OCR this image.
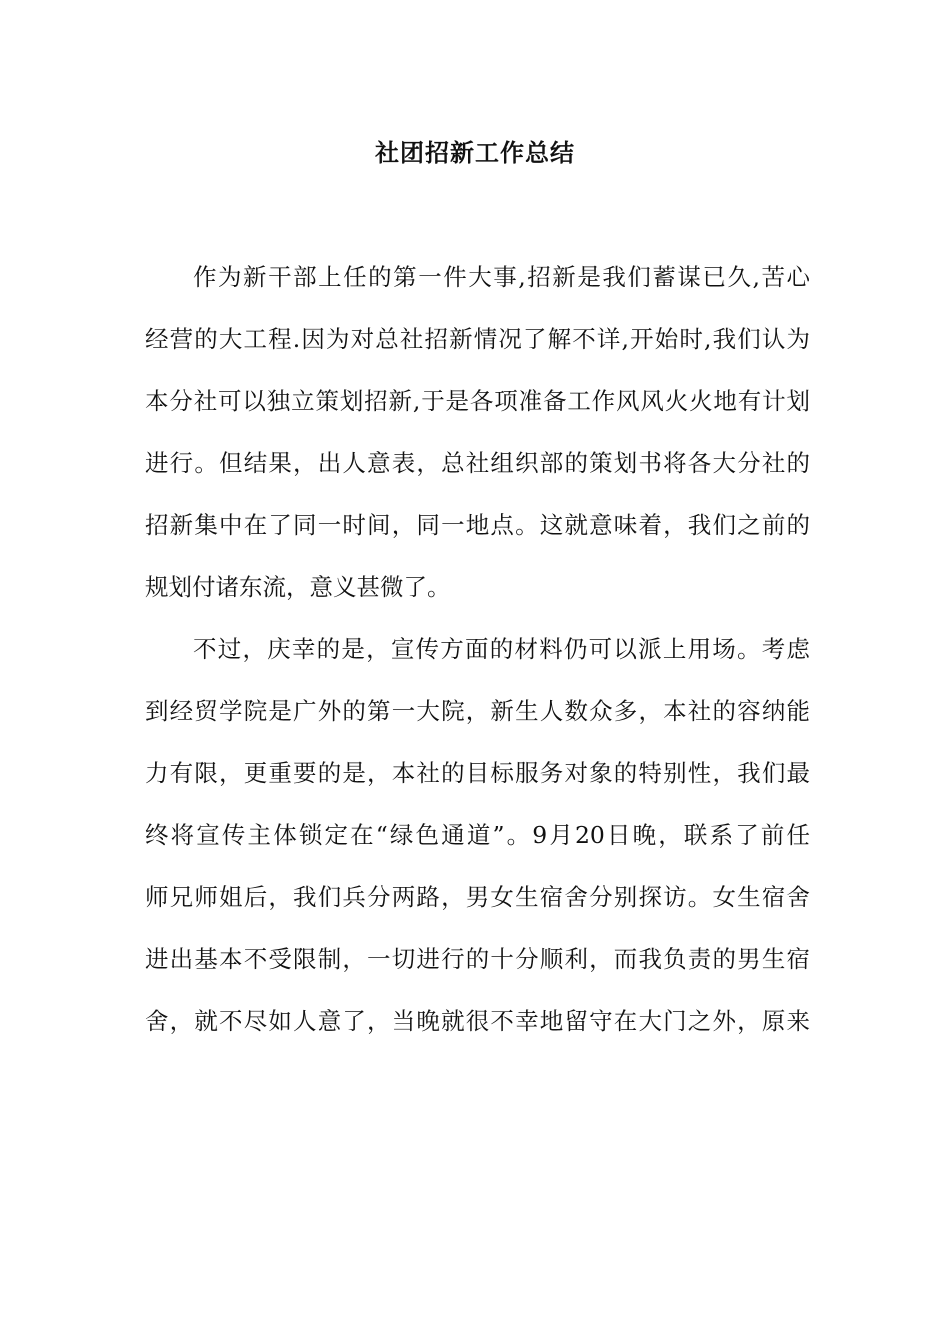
社团招新工作总结
作为新干部上任的第一件大事,招新是我们蓄谋已久,苦心
经营的大工程.因为对总社招新情况了解不详,开始时,我们认为
本分社可以独立策划招新,于是各项准备工作风风火火地有计划
进行。但结果，出人意表，总社组织部的策划书将各大分社的
招新集中在了同一时间，同一地点。这就意味着，我们之前的
规划付诸东流，意义甚微了。
不过，庆幸的是，宣传方面的材料仍可以派上用场。考虑
到经贸学院是广外的第一大院，新生人数众多，本社的容纳能
力有限，更重要的是，本社的目标服务对象的特别性，我们最
终将宣传主体锁定在“绿色通道”。9月20日晚，联系了前任
师兄师姐后，我们兵分两路，男女生宿舍分别探访。女生宿舍
进出基本不受限制，一切进行的十分顺利，而我负责的男生宿
舍，就不尽如人意了，当晚就很不幸地留守在大门之外，原来
